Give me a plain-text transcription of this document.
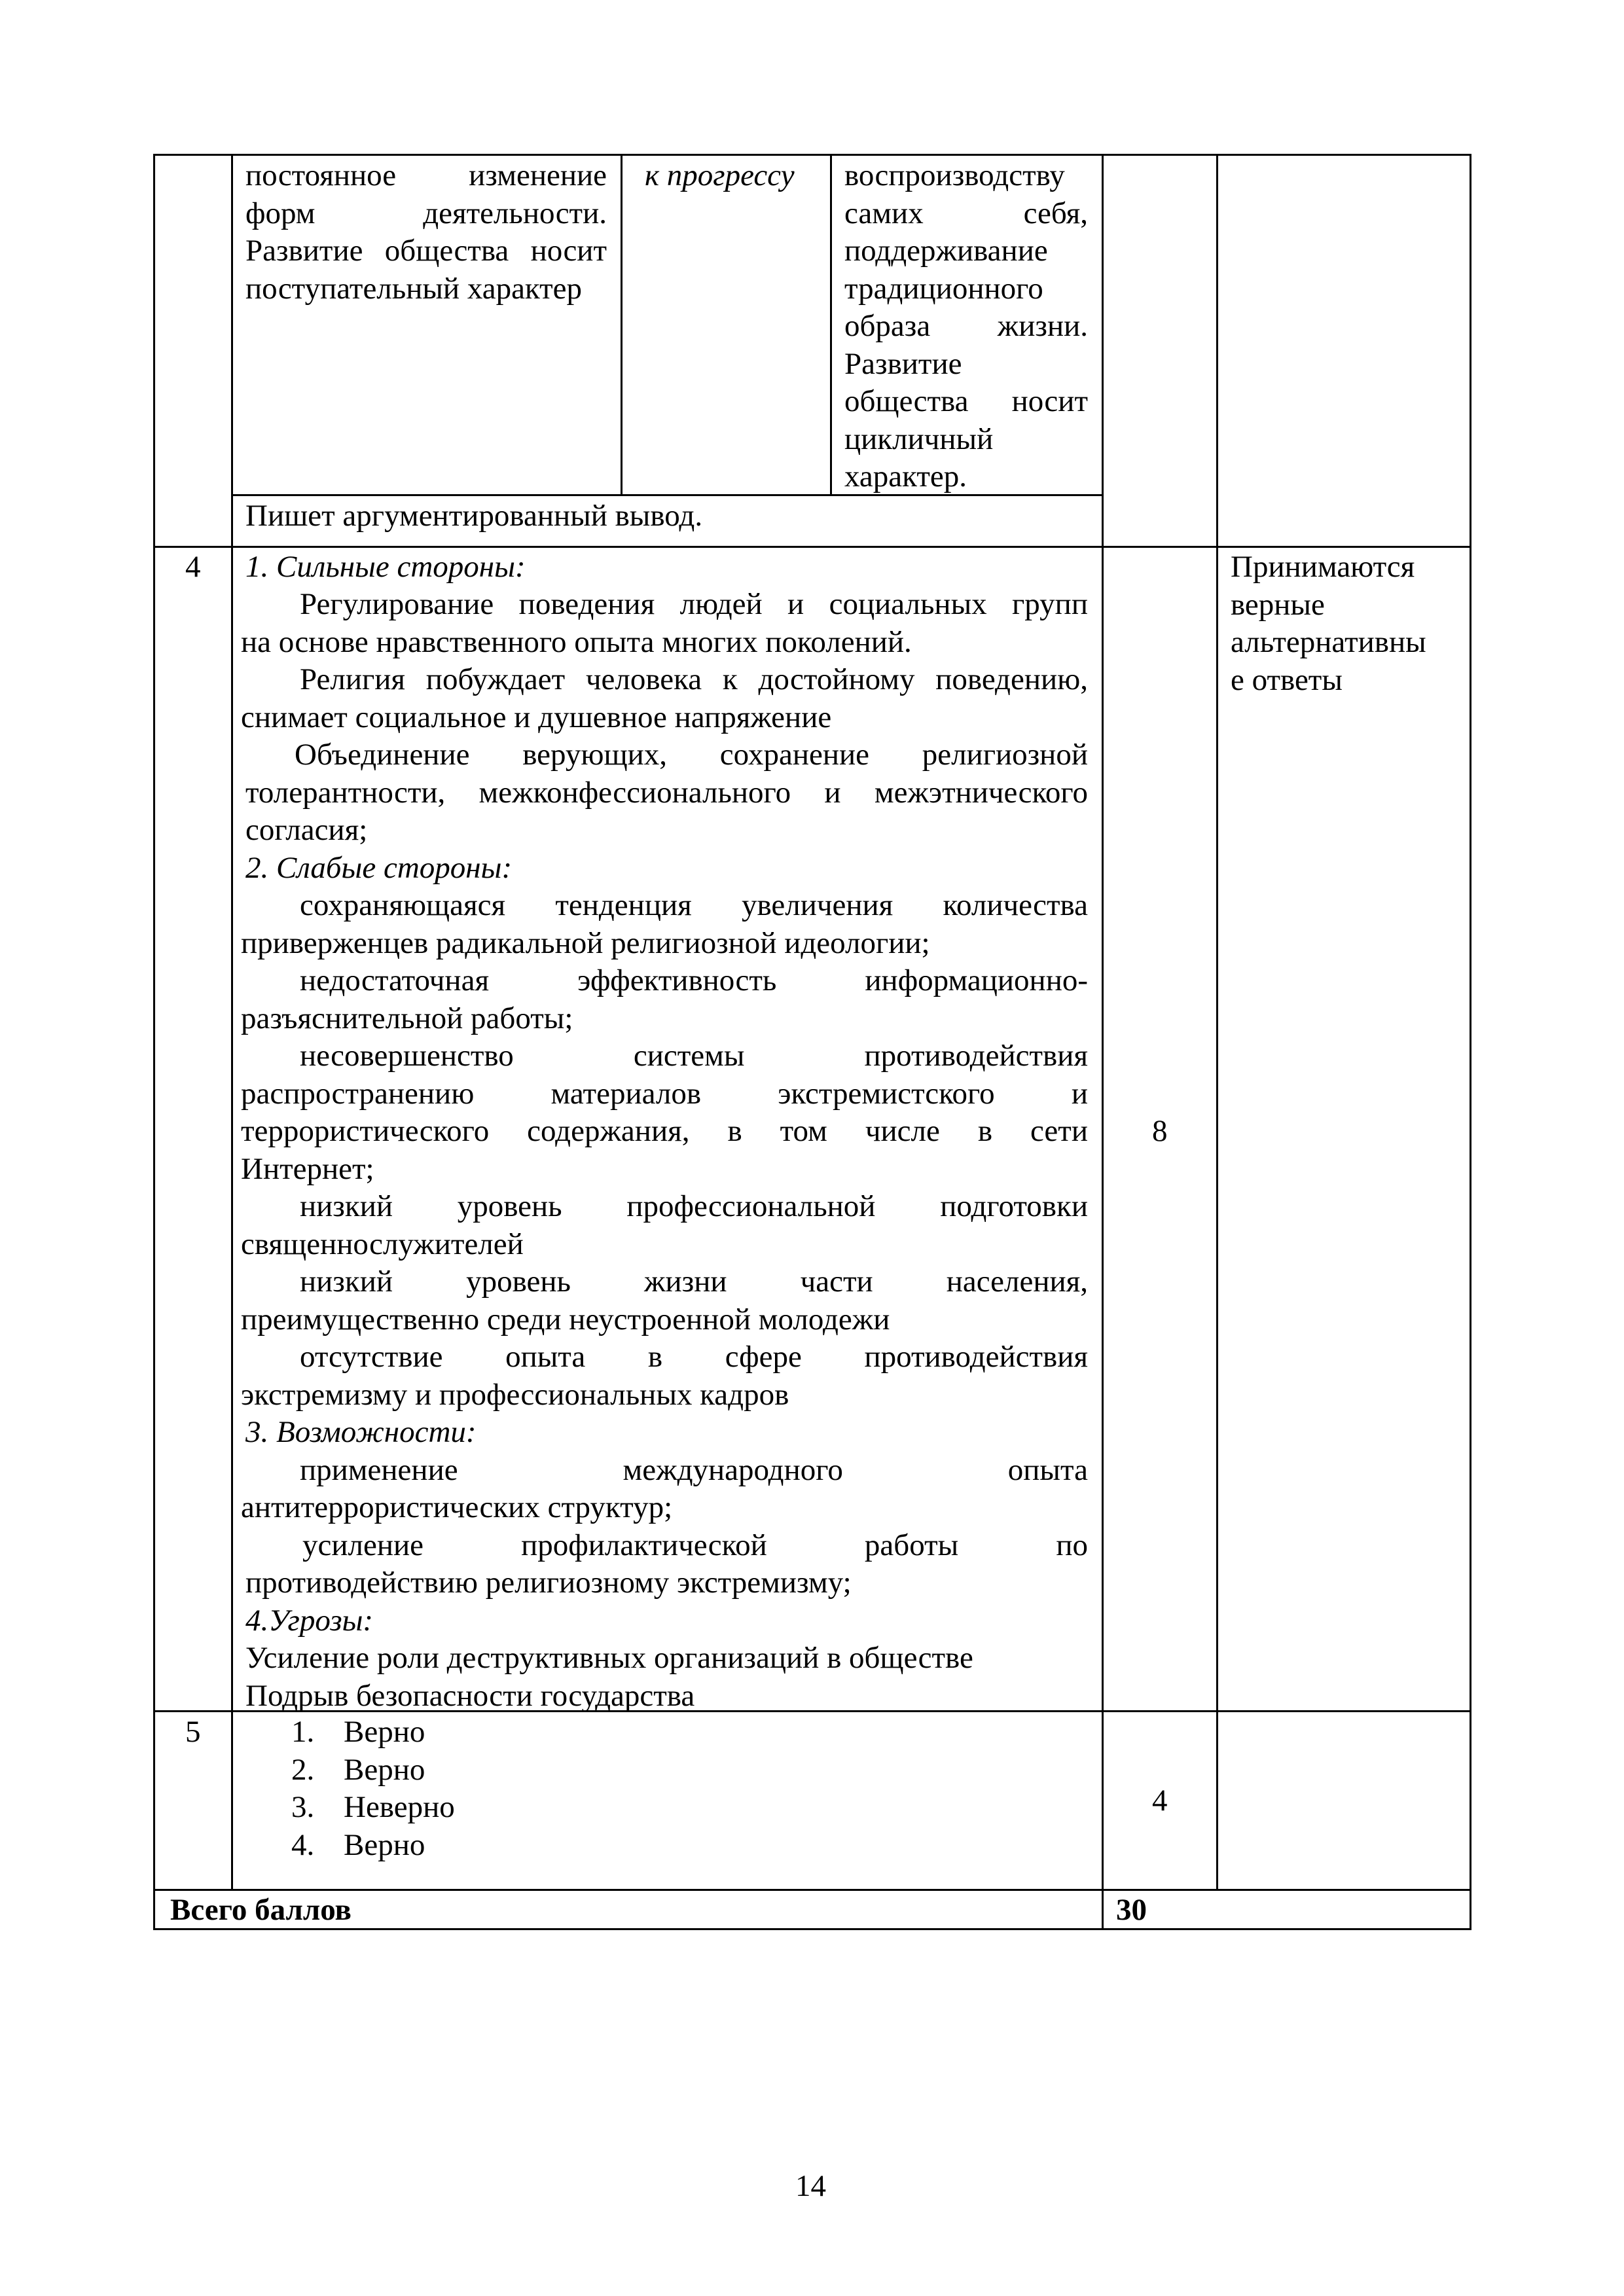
постоянное изменение
форм деятельности.
Развитие общества носит
поступательный характер
к прогрессу воспроизводству
самих себя,
поддерживание
традиционного
образа жизни.
Развитие
общества носит
цикличный
характер.
Пишет аргументированный вывод.
4 1. Сильные стороны:
Регулирование поведения людей и социальных групп
на основе нравственного опыта многих поколений.
Религия побуждает человека к достойному поведению,
снимает социальное и душевное напряжение
Объединение верующих, сохранение религиозной
толерантности, межконфессионального и межэтнического
согласия;
2. Слабые стороны:
сохраняющаяся тенденция увеличения количества
приверженцев радикальной религиозной идеологии;
недостаточная эффективность информационно-
разъяснительной работы;
несовершенство системы противодействия
распространению материалов экстремистского и
террористического содержания, в том числе в сети
Интернет;
низкий уровень профессиональной подготовки
священнослужителей
низкий уровень жизни части населения,
преимущественно среди неустроенной молодежи
отсутствие опыта в сфере противодействия
экстремизму и профессиональных кадров
3. Возможности:
применение международного опыта
антитеррористических структур;
усиление профилактической работы по
противодействию религиозному экстремизму;
4.Угрозы:
Усиление роли деструктивных организаций в обществе
Подрыв безопасности государства
8
Принимаются
верные
альтернативны
е ответы
5	1. Верно
2. Верно
3. Неверно
4. Верно
4
Всего баллов	30
14
